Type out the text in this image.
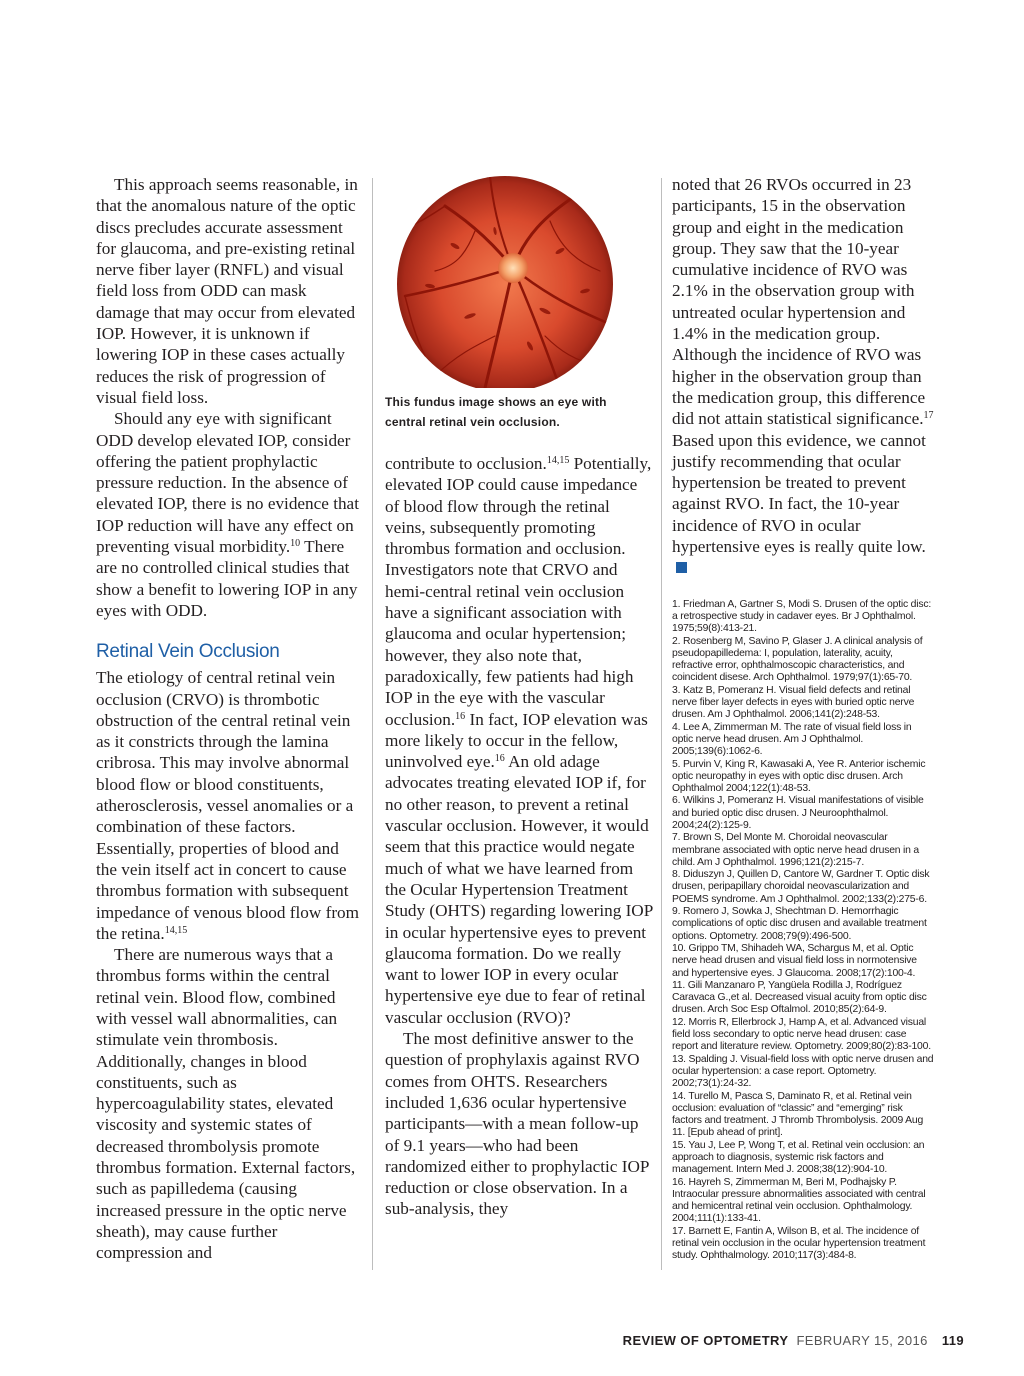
This approach seems reasonable, in that the anomalous nature of the optic discs precludes accurate assessment for glaucoma, and pre-existing retinal nerve fiber layer (RNFL) and visual field loss from ODD can mask damage that may occur from elevated IOP. However, it is unknown if lowering IOP in these cases actually reduces the risk of progression of visual field loss.

Should any eye with significant ODD develop elevated IOP, consider offering the patient prophylactic pressure reduction. In the absence of elevated IOP, there is no evidence that IOP reduction will have any effect on preventing visual morbidity.$^{10}$ There are no controlled clinical studies that show a benefit to lowering IOP in any eyes with ODD.

Retinal Vein Occlusion

The etiology of central retinal vein occlusion (CRVO) is thrombotic obstruction of the central retinal vein as it constricts through the lamina cribrosa. This may involve abnormal blood flow or blood constituents, atherosclerosis, vessel anomalies or a combination of these factors. Essentially, properties of blood and the vein itself act in concert to cause thrombus formation with subsequent impedance of venous blood flow from the retina.$^{14,15}$

There are numerous ways that a thrombus forms within the central retinal vein. Blood flow, combined with vessel wall abnormalities, can stimulate vein thrombosis. Additionally, changes in blood constituents, such as hypercoagulability states, elevated viscosity and systemic states of decreased thrombolysis promote thrombus formation. External factors, such as papilledema (causing increased pressure in the optic nerve sheath), may cause further compression and

This fundus image shows an eye with central retinal vein occlusion.

contribute to occlusion.$^{14,15}$ Potentially, elevated IOP could cause impedance of blood flow through the retinal veins, subsequently promoting thrombus formation and occlusion. Investigators note that CRVO and hemi-central retinal vein occlusion have a significant association with glaucoma and ocular hypertension; however, they also note that, paradoxically, few patients had high IOP in the eye with the vascular occlusion.$^{16}$ In fact, IOP elevation was more likely to occur in the fellow, uninvolved eye.$^{16}$ An old adage advocates treating elevated IOP if, for no other reason, to prevent a retinal vascular occlusion. However, it would seem that this practice would negate much of what we have learned from the Ocular Hypertension Treatment Study (OHTS) regarding lowering IOP in ocular hypertensive eyes to prevent glaucoma formation. Do we really want to lower IOP in every ocular hypertensive eye due to fear of retinal vascular occlusion (RVO)?

The most definitive answer to the question of prophylaxis against RVO comes from OHTS. Researchers included 1,636 ocular hypertensive participants—with a mean follow-up of 9.1 years—who had been randomized either to prophylactic IOP reduction or close observation. In a sub-analysis, they

noted that 26 RVOs occurred in 23 participants, 15 in the observation group and eight in the medication group. They saw that the 10-year cumulative incidence of RVO was 2.1% in the observation group with untreated ocular hypertension and 1.4% in the medication group. Although the incidence of RVO was higher in the observation group than the medication group, this difference did not attain statistical significance.$^{17}$ Based upon this evidence, we cannot justify recommending that ocular hypertension be treated to prevent against RVO. In fact, the 10-year incidence of RVO in ocular hypertensive eyes is really quite low.

1. Friedman A, Gartner S, Modi S. Drusen of the optic disc: a retrospective study in cadaver eyes. Br J Ophthalmol. 1975;59(8):413-21.
2. Rosenberg M, Savino P, Glaser J. A clinical analysis of pseudopapilledema: I, population, laterality, acuity, refractive error, ophthalmoscopic characteristics, and coincident disese. Arch Ophthalmol. 1979;97(1):65-70.
3. Katz B, Pomeranz H. Visual field defects and retinal nerve fiber layer defects in eyes with buried optic nerve drusen. Am J Ophthalmol. 2006;141(2):248-53.
4. Lee A, Zimmerman M. The rate of visual field loss in optic nerve head drusen. Am J Ophthalmol. 2005;139(6):1062-6.
5. Purvin V, King R, Kawasaki A, Yee R. Anterior ischemic optic neuropathy in eyes with optic disc drusen. Arch Ophthalmol 2004;122(1):48-53.
6. Wilkins J, Pomeranz H. Visual manifestations of visible and buried optic disc drusen. J Neuroophthalmol. 2004;24(2):125-9.
7. Brown S, Del Monte M. Choroidal neovascular membrane associated with optic nerve head drusen in a child. Am J Ophthalmol. 1996;121(2):215-7.
8. Diduszyn J, Quillen D, Cantore W, Gardner T. Optic disk drusen, peripapillary choroidal neovascularization and POEMS syndrome. Am J Ophthalmol. 2002;133(2):275-6.
9. Romero J, Sowka J, Shechtman D. Hemorrhagic complications of optic disc drusen and available treatment options. Optometry. 2008;79(9):496-500.
10. Grippo TM, Shihadeh WA, Schargus M, et al. Optic nerve head drusen and visual field loss in normotensive and hypertensive eyes. J Glaucoma. 2008;17(2):100-4.
11. Gili Manzanaro P, Yangüela Rodilla J, Rodríguez Caravaca G.,et al. Decreased visual acuity from optic disc drusen. Arch Soc Esp Oftalmol. 2010;85(2):64-9.
12. Morris R, Ellerbrock J, Hamp A, et al. Advanced visual field loss secondary to optic nerve head drusen: case report and literature review. Optometry. 2009;80(2):83-100.
13. Spalding J. Visual-field loss with optic nerve drusen and ocular hypertension: a case report. Optometry. 2002;73(1):24-32.
14. Turello M, Pasca S, Daminato R, et al. Retinal vein occlusion: evaluation of “classic” and “emerging” risk factors and treatment. J Thromb Thrombolysis. 2009 Aug 11. [Epub ahead of print].
15. Yau J, Lee P, Wong T, et al. Retinal vein occlusion: an approach to diagnosis, systemic risk factors and management. Intern Med J. 2008;38(12):904-10.
16. Hayreh S, Zimmerman M, Beri M, Podhajsky P. Intraocular pressure abnormalities associated with central and hemicentral retinal vein occlusion. Ophthalmology. 2004;111(1):133-41.
17. Barnett E, Fantin A, Wilson B, et al. The incidence of retinal vein occlusion in the ocular hypertension treatment study. Ophthalmology. 2010;117(3):484-8.
REVIEW OF OPTOMETRY FEBRUARY 15, 2016 119
